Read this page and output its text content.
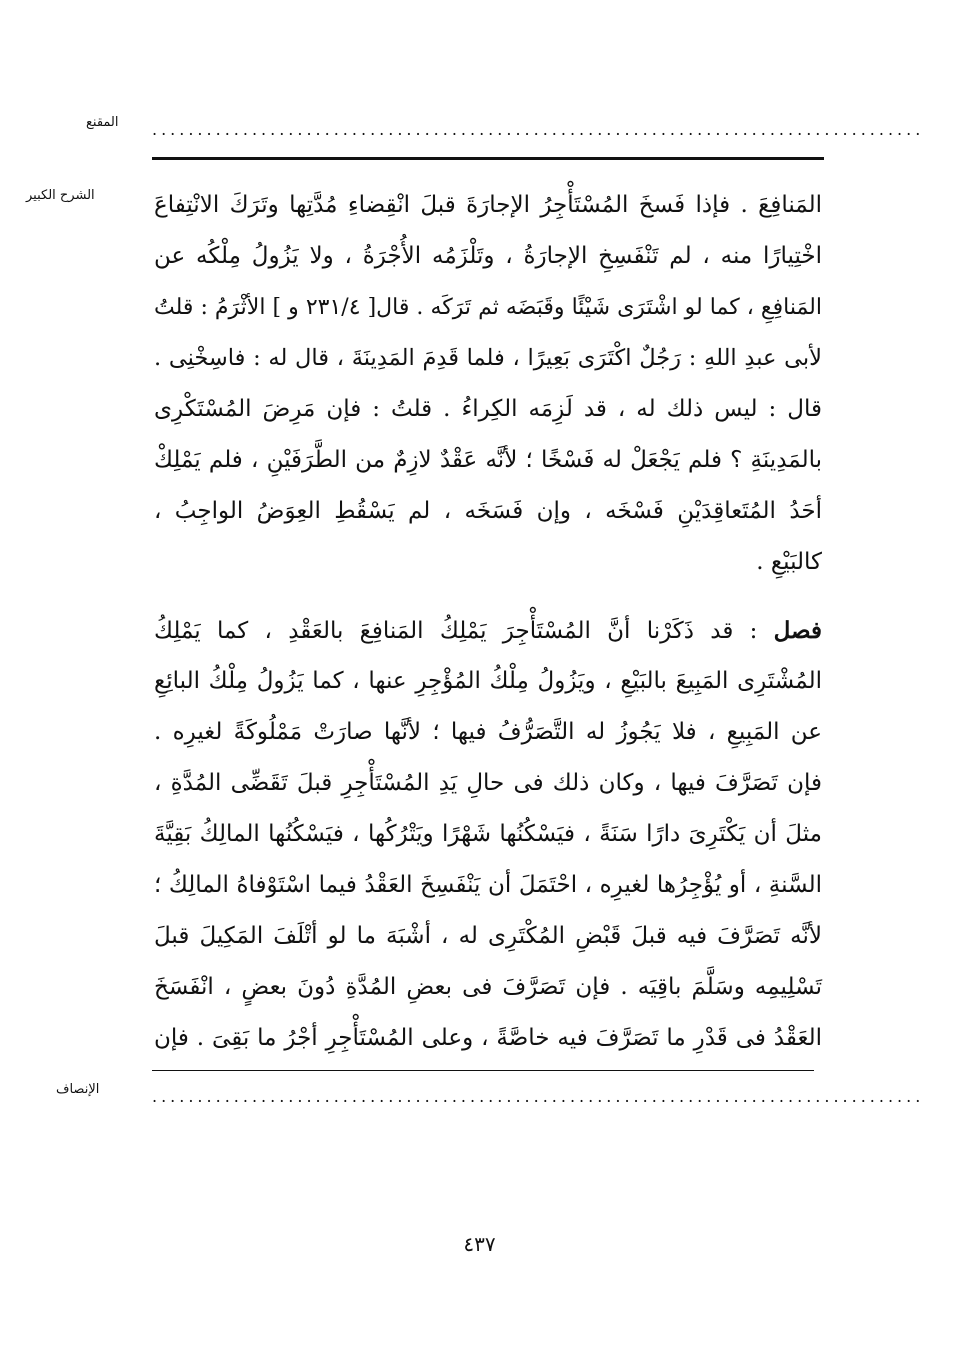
المقنع .....................................................................................
الشرح الكبير	المَنافِعَ . فإذا فَسخَ المُسْتَأْجِرُ الإجارَةَ قبلَ انْقِضاءِ مُدَّتِها وتَرَكَ الانْتِفاعَ
اخْتِيارًا منه ، لم تَنْفَسِخِ الإجارَةُ ، وتَلْزَمُه الأُجْرَةُ ، ولا يَزُولُ مِلْكُه عن
المَنافِعِ ، كما لو اشْتَرَى شَيْئًا وقَبَضَه ثم تَرَكَه . قال[ ٢٣١/٤ و ] الأثْرَمُ : قلتُ
لأبى عبدِ اللهِ : رَجُلٌ اكْتَرَى بَعِيرًا ، فلما قَدِمَ المَدِينَةَ ، قال له : فاسِخْنِى .
قال : ليس ذلك له ، قد لَزِمَه الكِراءُ . قلتُ : فإن مَرِضَ المُسْتَكْرِى
بالمَدِينَةِ ؟ فلم يَجْعَلْ له فَسْخًا ؛ لأنَّه عَقْدٌ لازِمٌ من الطَّرَفَيْنِ ، فلم يَمْلِكْ
أحَدُ المُتَعاقِدَيْنِ فَسْخَه ، وإن فَسَخَه ، لم يَسْقُطِ العِوَضُ الواجِبُ ،
كالبَيْعِ .
فصل : قد ذَكَرْنا أنَّ المُسْتَأْجِرَ يَمْلِكُ المَنافِعَ بالعَقْدِ ، كما يَمْلِكُ
المُشْتَرِى المَبِيعَ بالبَيْعِ ، ويَزُولُ مِلْكُ المُؤْجِرِ عنها ، كما يَزُولُ مِلْكُ البائِعِ
عن المَبِيعِ ، فلا يَجُوزُ له التَّصَرُّفُ فيها ؛ لأنَّها صارَتْ مَمْلُوكَةً لغيرِه .
فإن تَصَرَّفَ فيها ، وكان ذلك فى حالِ يَدِ المُسْتَأْجِرِ قبلَ تَقَضِّى المُدَّةِ ،
مثلَ أن يَكْتَرِىَ دارًا سَنَةً ، فيَسْكُنُها شَهْرًا ويَتْرُكُها ، فيَسْكُنُها المالِكُ بَقِيَّةَ
السَّنةِ ، أو يُؤْجِرُها لغيرِه ، احْتَمَلَ أن يَنْفَسِخَ العَقْدُ فيما اسْتَوْفاهُ المالِكُ ؛
لأنَّه تَصَرَّفَ فيه قبلَ قَبْضِ المُكْتَرِى له ، أشْبَهَ ما لو أتْلَفَ المَكِيلَ قبلَ
تَسْلِيمِه وسَلَّمَ باقِيَه . فإن تَصَرَّفَ فى بعضِ المُدَّةِ دُونَ بعضٍ ، انْفَسَخَ
العَقْدُ فى قَدْرِ ما تَصَرَّفَ فيه خاصَّةً ، وعلى المُسْتَأْجِرِ أجْرُ ما بَقِىَ . فإن
الإنصاف	.....................................................................................
٤٣٧
